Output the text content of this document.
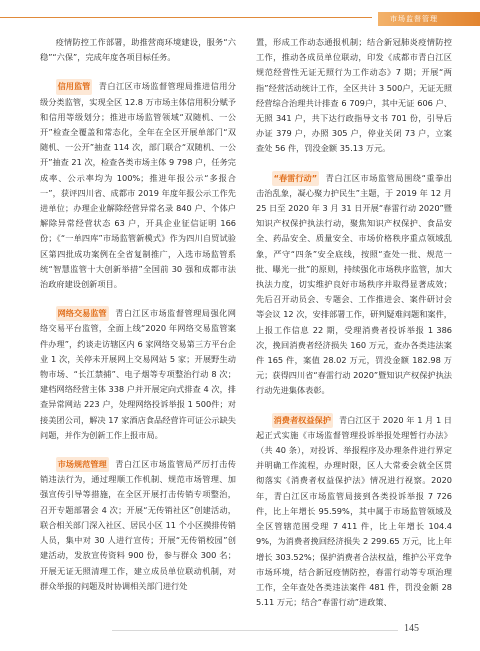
市场监督管理

疫情防控工作部署，助推营商环境建设，服务“六稳”“六保”，完成年度各项目标任务。

信用监管 青白江区市场监督管理局推进信用分级分类监管，实现全区 12.8 万市场主体信用积分赋予和信用等级划分；推进市场监管领域“双随机、一公开”检查全覆盖和常态化，全年在全区开展单部门“双随机、一公开”抽查 114 次，部门联合“双随机、一公开”抽查 21 次，检查各类市场主体 9 798 户，任务完成率、公示率均为 100%；推进年报公示“多报合一”，获评四川省、成都市 2019 年度年报公示工作先进单位；办理企业解除经营异常名录 840 户、个体户解除异常经营状态 63 户，开具企业征信证明 166 份；《“一单四库”市场监管新模式》作为四川自贸试验区第四批成功案例在全省复制推广，入选市场监管系统“智慧监管十大创新举措”全国前 30 强和成都市法治政府建设创新项目。

网络交易监管 青白江区市场监督管理局强化网络交易平台监管，全面上线“2020 年网络交易监管案件办理”，约谈走访辖区内 6 家网络交易第三方平台企业 1 次，关停未开展网上交易网站 5 家；开展野生动物市场、“长江禁捕”、电子烟等专项整治行动 8 次；建档网络经营主体 338 户并开展定向式排查 4 次，排查异常网站 223 户，处理网络投诉举报 1 500件；对接美团公司，解决 17 家酒店食品经营许可证公示缺失问题，并作为创新工作上报市局。

市场规范管理 青白江区市场监管局严厉打击传销违法行为，通过理顺工作机制、规范市场管理、加强宣传引导等措施，在全区开展打击传销专项整治，召开专题部署会 4 次；开展“无传销社区”创建活动，联合相关部门深入社区、居民小区 11 个小区摸排传销人员，集中对 30 人进行宣传；开展“无传销校园”创建活动，发放宣传资料 900 份，参与群众 300 名；开展无证无照清理工作，建立成员单位联动机制，对群众举报的问题及时协调相关部门进行处

置，形成工作动态通报机制；结合新冠肺炎疫情防控工作，推动各成员单位联动，印发《成都市青白江区规范经营性无证无照行为工作动态》7 期；开展“两指”经营活动统计工作，全区共计 3 500户，无证无照经营综合治理共计排查 6 709户，其中无证 606 户、无照 341 户，共下达行政指导文书 701 份，引导后办证 379 户，办照 305 户，停业关闭 73 户，立案查处 56 件，罚没金额 35.13 万元。

“春雷行动” 青白江区市场监管局围绕“重拳出击治乱象，凝心聚力护民生”主题，于 2019 年 12 月 25 日至 2020 年 3 月 31 日开展“春雷行动 2020”暨知识产权保护执法行动，聚焦知识产权保护、食品安全、药品安全、质量安全、市场价格秩序重点领域乱象，严守“四条”安全底线，按照“查处一批、规范一批、曝光一批”的原则，持续强化市场秩序监管，加大执法力度，切实维护良好市场秩序并取得显著成效；先后召开动员会、专题会、工作推进会、案件研讨会等会议 12 次，安排部署工作，研判疑难问题和案件，上报工作信息 22 期，受理消费者投诉举报 1 386 次，挽回消费者经济损失 160 万元，查办各类违法案件 165 件，案值 28.02 万元，罚没金额 182.98 万元；获得四川省“春雷行动 2020”暨知识产权保护执法行动先进集体表彰。

消费者权益保护 青白江区于 2020 年 1 月 1 日起正式实施《市场监督管理投诉举报处理暂行办法》（共 40 条），对投诉、举报程序及办理条件进行界定并明确工作流程，办理时限，区人大常委会就全区贯彻落实《消费者权益保护法》情况进行视察。2020 年，青白江区市场监管局接到各类投诉举报 7 726 件，比上年增长 95.59%，其中属于市场监管领域及全区管辖范围受理 7 411 件，比上年增长 104.49%，为消费者挽回经济损失 2 299.65 万元，比上年增长 303.52%；保护消费者合法权益，维护公平竞争市场环境，结合新冠疫情防控，春雷行动等专项治理工作，全年查处各类违法案件 481 件，罚没金额 285.11 万元；结合“春雷行动”进政策、

145
